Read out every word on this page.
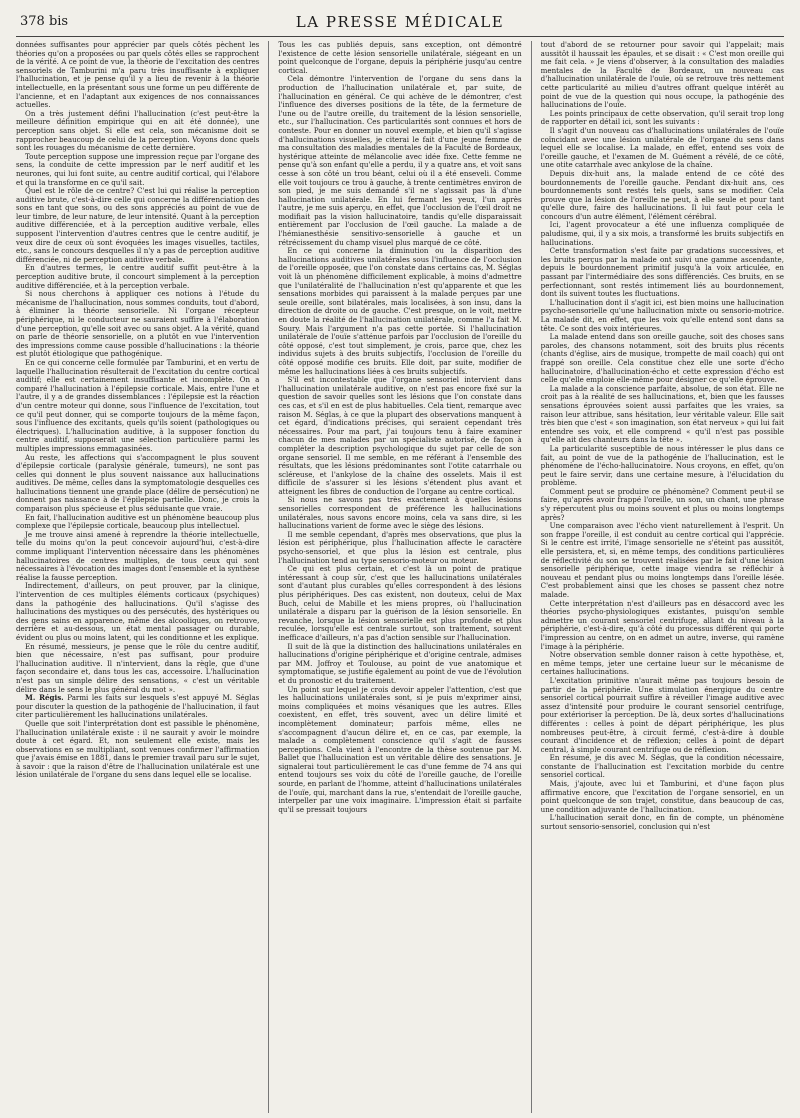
378 bis	LA PRESSE MÉDICALE

données suffisantes pour apprécier par quels côtés pèchent les théories qu'on a proposées ou par quels côtés elles se rapprochent de la vérité. A ce point de vue, la théorie de l'excitation des centres sensoriels de Tamburini m'a paru très insuffisante à expliquer l'hallucination, et je pense qu'il y a lieu de revenir à la théorie intellectuelle, en la présentant sous une forme un peu différente de l'ancienne, et en l'adaptant aux exigences de nos connaissances actuelles.

On a très justement défini l'hallucination (c'est peut-être la meilleure définition empirique qui en ait été donnée), une perception sans objet. Si elle est cela, son mécanisme doit se rapprocher beaucoup de celui de la perception. Voyons donc quels sont les rouages du mécanisme de cette dernière.

Toute perception suppose une impression reçue par l'organe des sens, la conduite de cette impression par le nerf auditif et les neurones, qui lui font suite, au centre auditif cortical, qui l'élabore et qui la transforme en ce qu'il sait.

Quel est le rôle de ce centre? C'est lui qui réalise la perception auditive brute, c'est-à-dire celle qui concerne la différenciation des sons en tant que sons, ou des sons appréciés au point de vue de leur timbre, de leur nature, de leur intensité. Quant à la perception auditive différenciée, et à la perception auditive verbale, elles supposent l'intervention d'autres centres que le centre auditif, je veux dire de ceux où sont évoquées les images visuelles, tactiles, etc., sans le concours desquelles il n'y a pas de perception auditive différenciée, ni de perception auditive verbale.

En d'autres termes, le centre auditif suffit peut-être à la perception auditive brute, il concourt simplement à la perception auditive différenciée, et à la perception verbale.

Si nous cherchons à appliquer ces notions à l'étude du mécanisme de l'hallucination, nous sommes conduits, tout d'abord, à éliminer la théorie sensorielle. Ni l'organe récepteur périphérique, ni le conducteur ne sauraient suffire à l'élaboration d'une perception, qu'elle soit avec ou sans objet. A la vérité, quand on parle de théorie sensorielle, on a plutôt en vue l'intervention des impressions comme cause possible d'hallucinations : la théorie est plutôt étiologique que pathogénique.

En ce qui concerne celle formulée par Tamburini, et en vertu de laquelle l'hallucination résulterait de l'excitation du centre cortical auditif; elle est certainement insuffisante et incomplète. On a comparé l'hallucination à l'épilepsie corticale. Mais, entre l'une et l'autre, il y a de grandes dissemblances : l'épilepsie est la réaction d'un centre moteur qui donne, sous l'influence de l'excitation, tout ce qu'il peut donner, qui se comporte toujours de la même façon, sous l'influence des excitants, quels qu'ils soient (pathologiques ou électriques). L'hallucination auditive, à la supposer fonction du centre auditif, supposerait une sélection particulière parmi les multiples impressions emmagasinées.

Au reste, les affections qui s'accompagnent le plus souvent d'épilepsie corticale (paralysie générale, tumeurs), ne sont pas celles qui donnent le plus souvent naissance aux hallucinations auditives. De même, celles dans la symptomatologie desquelles ces hallucinations tiennent une grande place (délire de persécution) ne donnent pas naissance à de l'épilepsie partielle. Donc, je crois la comparaison plus spécieuse et plus séduisante que vraie.

En fait, l'hallucination auditive est un phénomène beaucoup plus complexe que l'épilepsie corticale, beaucoup plus intellectuel.

Je me trouve ainsi amené à reprendre la théorie intellectuelle, telle du moins qu'on la peut concevoir aujourd'hui, c'est-à-dire comme impliquant l'intervention nécessaire dans les phénomènes hallucinatoires de centres multiples, de tous ceux qui sont nécessaires à l'évocation des images dont l'ensemble et la synthèse réalise la fausse perception.

Indirectement, d'ailleurs, on peut prouver, par la clinique, l'intervention de ces multiples éléments corticaux (psychiques) dans la pathogénie des hallucinations. Qu'il s'agisse des hallucinations des mystiques ou des persécutés, des hystériques ou des gens sains en apparence, même des alcooliques, on retrouve, derrière et au-dessous, un état mental passager ou durable, évident ou plus ou moins latent, qui les conditionne et les explique.

En résumé, messieurs, je pense que le rôle du centre auditif, bien que nécessaire, n'est pas suffisant, pour produire l'hallucination auditive. Il n'intervient, dans la règle, que d'une façon secondaire et, dans tous les cas, accessoire. L'hallucination n'est pas un simple délire des sensations, « c'est un véritable délire dans le sens le plus général du mot ».

M. Régis. Parmi les faits sur lesquels s'est appuyé M. Séglas pour discuter la question de la pathogénie de l'hallucination, il faut citer particulièrement les hallucinations unilatérales.

Quelle que soit l'interprétation dont est passible le phénomène, l'hallucination unilatérale existe : il ne saurait y avoir le moindre doute à cet égard. Et, non seulement elle existe, mais les observations en se multipliant, sont venues confirmer l'affirmation que j'avais émise en 1881, dans le premier travail paru sur le sujet, à savoir : que la raison d'être de l'hallucination unilatérale est une lésion unilatérale de l'organe du sens dans lequel elle se localise.

Tous les cas publiés depuis, sans exception, ont démontré l'existence de cette lésion sensorielle unilatérale, siégeant en un point quelconque de l'organe, depuis la périphérie jusqu'au centre cortical.

Cela démontre l'intervention de l'organe du sens dans la production de l'hallucination unilatérale et, par suite, de l'hallucination en général. Ce qui achève de le démontrer, c'est l'influence des diverses positions de la tête, de la fermeture de l'une ou de l'autre oreille, du traitement de la lésion sensorielle, etc., sur l'hallucination. Ces particularités sont connues et hors de conteste. Pour en donner un nouvel exemple, et bien qu'il s'agisse d'hallucinations visuelles, je citerai le fait d'une jeune femme de ma consultation des maladies mentales de la Faculté de Bordeaux, hystérique atteinte de mélancolie avec idée fixe. Cette femme ne pense qu'à son enfant qu'elle a perdu, il y a quatre ans, et voit sans cesse à son côté un trou béant, celui où il a été enseveli. Comme elle voit toujours ce trou à gauche, à trente centimètres environ de son pied, je me suis demandé s'il ne s'agissait pas là d'une hallucination unilatérale. En lui fermant les yeux, l'un après l'autre, je me suis aperçu, en effet, que l'occlusion de l'œil droit ne modifiait pas la vision hallucinatoire, tandis qu'elle disparaissait entièrement par l'occlusion de l'œil gauche. La malade a de l'hémianesthésie sensitivo-sensorielle à gauche et un rétrécissement du champ visuel plus marqué de ce côté.

En ce qui concerne la diminution ou la disparition des hallucinations auditives unilatérales sous l'influence de l'occlusion de l'oreille opposée, que l'on constate dans certains cas, M. Séglas voit là un phénomène difficilement explicable, à moins d'admettre que l'unilatéralité de l'hallucination n'est qu'apparente et que les sensations morbides qui paraissent à la malade perçues par une seule oreille, sont bilatérales, mais localisées, à son insu, dans la direction de droite ou de gauche. C'est presque, on le voit, mettre en doute la réalité de l'hallucination unilatérale, comme l'a fait M. Soury. Mais l'argument n'a pas cette portée. Si l'hallucination unilatérale de l'ouïe s'atténue parfois par l'occlusion de l'oreille du côté opposé, c'est tout simplement, je crois, parce que, chez les individus sujets à des bruits subjectifs, l'occlusion de l'oreille du côté opposé modifie ces bruits. Elle doit, par suite, modifier de même les hallucinations liées à ces bruits subjectifs.

S'il est incontestable que l'organe sensoriel intervient dans l'hallucination unilatérale auditive, on n'est pas encore fixé sur la question de savoir quelles sont les lésions que l'on constate dans ces cas, et s'il en est de plus habituelles. Cela tient, remarque avec raison M. Séglas, à ce que la plupart des observations manquent à cet égard, d'indications précises, qui seraient cependant très nécessaires. Pour ma part, j'ai toujours tenu à faire examiner chacun de mes malades par un spécialiste autorisé, de façon à compléter la description psychologique du sujet par celle de son organe sensoriel. Il me semble, en me référant à l'ensemble des résultats, que les lésions prédominantes sont l'otite catarrhale ou scléreuse, et l'ankylose de la chaîne des osselets. Mais il est difficile de s'assurer si les lésions s'étendent plus avant et atteignent les fibres de conduction de l'organe au centre cortical.

Si nous ne savons pas très exactement à quelles lésions sensorielles correspondent de préférence les hallucinations unilatérales, nous savons encore moins, cela va sans dire, si les hallucinations varient de forme avec le siège des lésions.

Il me semble cependant, d'après mes observations, que plus la lésion est périphérique, plus l'hallucination affecte le caractère psycho-sensoriel, et que plus la lésion est centrale, plus l'hallucination tend au type sensorio-moteur ou moteur.

Ce qui est plus certain, et c'est là un point de pratique intéressant à coup sûr, c'est que les hallucinations unilatérales sont d'autant plus curables qu'elles correspondent à des lésions plus périphériques. Des cas existent, non douteux, celui de Max Buch, celui de Mabille et les miens propres, où l'hallucination unilatérale a disparu par la guérison de la lésion sensorielle. En revanche, lorsque la lésion sensorielle est plus profonde et plus reculée, lorsqu'elle est centrale surtout, son traitement, souvent inefficace d'ailleurs, n'a pas d'action sensible sur l'hallucination.

Il suit de là que la distinction des hallucinations unilatérales en hallucinations d'origine périphérique et d'origine centrale, admises par MM. Joffroy et Toulouse, au point de vue anatomique et symptomatique, se justifie également au point de vue de l'évolution et du pronostic et du traitement.

Un point sur lequel je crois devoir appeler l'attention, c'est que les hallucinations unilatérales sont, si je puis m'exprimer ainsi, moins compliquées et moins vésaniques que les autres. Elles coexistent, en effet, très souvent, avec un délire limité et incomplètement dominateur; parfois même, elles ne s'accompagnent d'aucun délire et, en ce cas, par exemple, la malade a complètement conscience qu'il s'agit de fausses perceptions. Cela vient à l'encontre de la thèse soutenue par M. Ballet que l'hallucination est un véritable délire des sensations. Je signalerai tout particulièrement le cas d'une femme de 74 ans qui entend toujours ses voix du côté de l'oreille gauche, de l'oreille sourde, en parlant de l'homme, atteint d'hallucinations unilatérales de l'ouïe, qui, marchant dans la rue, s'entendait de l'oreille gauche, interpeller par une voix imaginaire. L'impression était si parfaite qu'il se pressait toujours

tout d'abord de se retourner pour savoir qui l'appelait; mais aussitôt il haussait les épaules, et se disait : « C'est mon oreille qui me fait cela. » Je viens d'observer, à la consultation des maladies mentales de la Faculté de Bordeaux, un nouveau cas d'hallucination unilatérale de l'ouïe, où se retrouve très nettement cette particularité au milieu d'autres offrant quelque intérêt au point de vue de la question qui nous occupe, la pathogénie des hallucinations de l'ouïe.

Les points principaux de cette observation, qu'il serait trop long de rapporter en détail ici, sont les suivants :

Il s'agit d'un nouveau cas d'hallucinations unilatérales de l'ouïe coïncidant avec une lésion unilatérale de l'organe du sens dans lequel elle se localise. La malade, en effet, entend ses voix de l'oreille gauche, et l'examen de M. Guément a révélé, de ce côté, une otite catarrhale avec ankylose de la chaîne.

Depuis dix-huit ans, la malade entend de ce côté des bourdonnements de l'oreille gauche. Pendant dix-huit ans, ces bourdonnements sont restés tels quels, sans se modifier. Cela prouve que la lésion de l'oreille ne peut, à elle seule et pour tant qu'elle dure, faire des hallucinations. Il lui faut pour cela le concours d'un autre élément, l'élément cérébral.

Ici, l'agent provocateur a été une influenza compliquée de paludisme, qui, il y a six mois, a transformé les bruits subjectifs en hallucinations.

Cette transformation s'est faite par gradations successives, et les bruits perçus par la malade ont suivi une gamme ascendante, depuis le bourdonnement primitif jusqu'à la voix articulée, en passant par l'intermédiaire des sons différenciés. Ces bruits, en se perfectionnant, sont restés intimement liés au bourdonnement, dont ils suivent toutes les fluctuations.

L'hallucination dont il s'agit ici, est bien moins une hallucination psycho-sensorielle qu'une hallucination mixte ou sensorio-motrice. La malade dit, en effet, que les voix qu'elle entend sont dans sa tête. Ce sont des voix intérieures.

La malade entend dans son oreille gauche, soit des choses sans paroles, des chansons notamment, soit des bruits plus récents (chants d'église, airs de musique, trompette de mail coach) qui ont frappé son oreille. Cela constitue chez elle une sorte d'écho hallucinatoire, d'hallucination-écho et cette expression d'écho est celle qu'elle emploie elle-même pour désigner ce qu'elle éprouve.

La malade a la conscience parfaite, absolue, de son état. Elle ne croit pas à la réalité de ses hallucinations, et, bien que les fausses sensations éprouvées soient aussi parfaites que les vraies, sa raison leur attribue, sans hésitation, leur véritable valeur. Elle sait très bien que c'est « son imagination, son état nerveux » qui lui fait entendre ses voix, et elle comprend « qu'il n'est pas possible qu'elle ait des chanteurs dans la tête ».

La particularité susceptible de nous intéresser le plus dans ce fait, au point de vue de la pathogénie de l'hallucination, est le phénomène de l'écho-hallucinatoire. Nous croyons, en effet, qu'on peut le faire servir, dans une certaine mesure, à l'élucidation du problème.

Comment peut se produire ce phénomène? Comment peut-il se faire, qu'après avoir frappé l'oreille, un son, un chant, une phrase s'y répercutent plus ou moins souvent et plus ou moins longtemps après?

Une comparaison avec l'écho vient naturellement à l'esprit. Un son frappe l'oreille, il est conduit au centre cortical qui l'apprécie. Si le centre est irrité, l'image sensorielle ne s'éteint pas aussitôt, elle persistera, et, si, en même temps, des conditions particulières de réflectivité du son se trouvent réalisées par le fait d'une lésion sensorielle périphérique, cette image viendra se réfléchir à nouveau et pendant plus ou moins longtemps dans l'oreille lésée. C'est probablement ainsi que les choses se passent chez notre malade.

Cette interprétation n'est d'ailleurs pas en désaccord avec les théories psycho-physiologiques existantes, puisqu'on semble admettre un courant sensoriel centrifuge, allant du niveau à la périphérie, c'est-à-dire, qu'à côté du processus différent qui porte l'impression au centre, on en admet un autre, inverse, qui ramène l'image à la périphérie.

Notre observation semble donner raison à cette hypothèse, et, en même temps, jeter une certaine lueur sur le mécanisme de certaines hallucinations.

L'excitation primitive n'aurait même pas toujours besoin de partir de la périphérie. Une stimulation énergique du centre sensoriel cortical pourrait suffire à réveiller l'image auditive avec assez d'intensité pour produire le courant sensoriel centrifuge, pour extérioriser la perception. De là, deux sortes d'hallucinations différentes : celles à point de départ périphérique, les plus nombreuses peut-être, à circuit fermé, c'est-à-dire à double courant d'incidence et de réflexion; celles à point de départ central, à simple courant centrifuge ou de réflexion.

En résumé, je dis avec M. Séglas, que la condition nécessaire, constante de l'hallucination est l'excitation morbide du centre sensoriel cortical.

Mais, j'ajoute, avec lui et Tamburini, et d'une façon plus affirmative encore, que l'excitation de l'organe sensoriel, en un point quelconque de son trajet, constitue, dans beaucoup de cas, une condition adjuvante de l'hallucination.

L'hallucination serait donc, en fin de compte, un phénomène surtout sensorio-sensoriel, conclusion qui n'est
